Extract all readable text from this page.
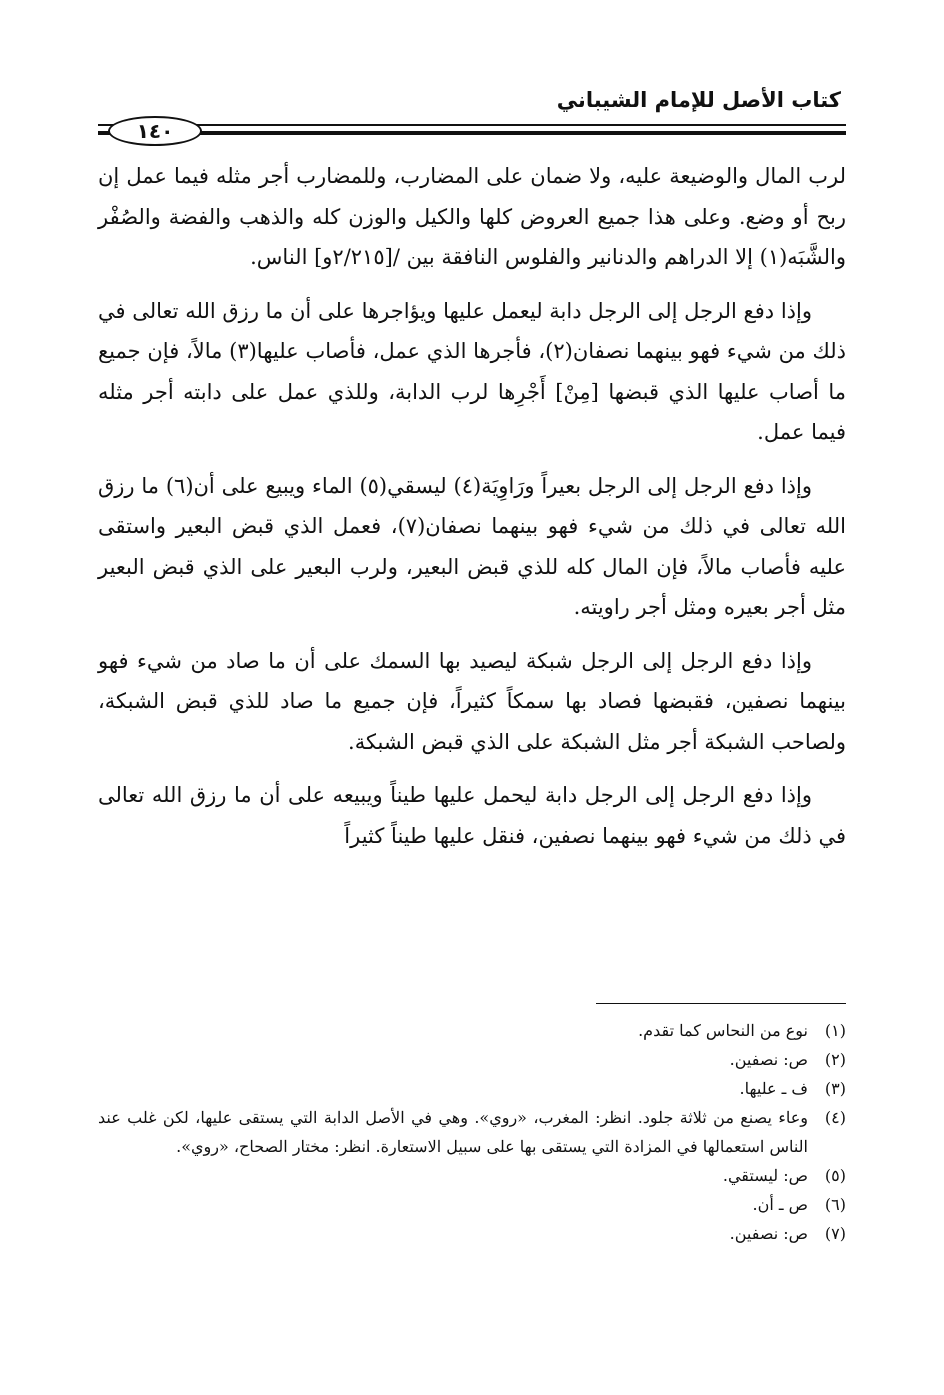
كتاب الأصل للإمام الشيباني
١٤٠

لرب المال والوضيعة عليه، ولا ضمان على المضارب، وللمضارب أجر مثله فيما عمل إن ربح أو وضع. وعلى هذا جميع العروض كلها والكيل والوزن كله والذهب والفضة والصُفْر والشَّبَه(١) إلا الدراهم والدنانير والفلوس النافقة بين /[٢/٢١٥و] الناس.

وإذا دفع الرجل إلى الرجل دابة ليعمل عليها ويؤاجرها على أن ما رزق الله تعالى في ذلك من شيء فهو بينهما نصفان(٢)، فأجرها الذي عمل، فأصاب عليها(٣) مالاً، فإن جميع ما أصاب عليها الذي قبضها [مِنْ] أَجْرِها لرب الدابة، وللذي عمل على دابته أجر مثله فيما عمل.

وإذا دفع الرجل إلى الرجل بعيراً ورَاوِيَة(٤) ليسقي(٥) الماء ويبيع على أن(٦) ما رزق الله تعالى في ذلك من شيء فهو بينهما نصفان(٧)، فعمل الذي قبض البعير واستقى عليه فأصاب مالاً، فإن المال كله للذي قبض البعير، ولرب البعير على الذي قبض البعير مثل أجر بعيره ومثل أجر راويته.

وإذا دفع الرجل إلى الرجل شبكة ليصيد بها السمك على أن ما صاد من شيء فهو بينهما نصفين، فقبضها فصاد بها سمكاً كثيراً، فإن جميع ما صاد للذي قبض الشبكة، ولصاحب الشبكة أجر مثل الشبكة على الذي قبض الشبكة.

وإذا دفع الرجل إلى الرجل دابة ليحمل عليها طيناً ويبيعه على أن ما رزق الله تعالى في ذلك من شيء فهو بينهما نصفين، فنقل عليها طيناً كثيراً

(١)
نوع من النحاس كما تقدم.
(٢)
ص: نصفين.
(٣)
ف ـ عليها.
(٤)
وعاء يصنع من ثلاثة جلود. انظر: المغرب، «روي». وهي في الأصل الدابة التي يستقى عليها، لكن غلب عند الناس استعمالها في المزادة التي يستقى بها على سبيل الاستعارة. انظر: مختار الصحاح، «روي».
(٥)
ص: ليستقي.
(٦)
ص ـ أن.
(٧)
ص: نصفين.
